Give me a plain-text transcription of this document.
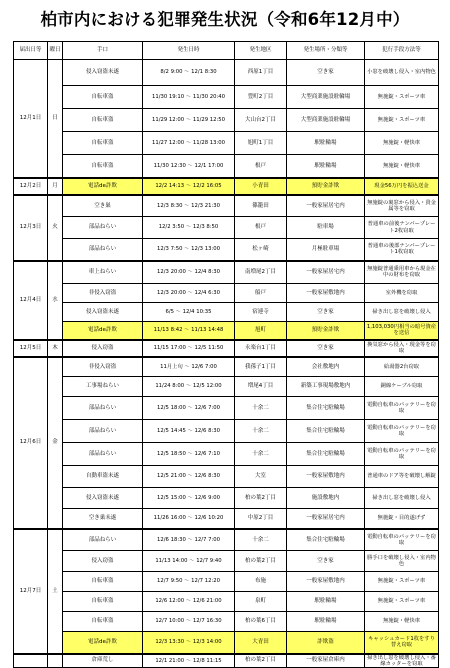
柏市内における犯罪発生状況（令和6年12月中）
届出日等	曜日	手口	発生日時	発生地区	発生場所・分類等	犯行手段方法等
12月1日	日	侵入窃盗未遂	8/2 9:00 ～ 12/1 8:30	西原1丁目	空き家	小窓を破壊し侵入・室内物色
		自転車盗	11/30 19:10 ～ 11/30 20:40	豊町2丁目	大型商業施設駐輪場	無施錠・スポーツ車
		自転車盗	11/29 12:00 ～ 11/29 12:50	大山台2丁目	大型商業施設駐輪場	無施錠・スポーツ車
		自転車盗	11/27 12:00 ～ 11/28 13:00	旭町1丁目	駅駐輪場	無施錠・軽快車
		自転車盗	11/30 12:30 ～ 12/1 17:00	根戸	駅駐輪場	無施錠・軽快車
12月2日	月	電話de詐欺	12/2 14:13 ～ 12/2 16:05	小青田	預貯金詐欺	現金56万円を振込送金
12月3日	火	空き巣	12/3 8:30 ～ 12/3 21:30	篠籠田	一般家屋居宅内	無施錠の裏窓から侵入・貴金属等を窃取
		部品ねらい	12/2 3:50 ～ 12/3 8:50	根戸	駐車場	普通車の前後ナンバープレート2枚窃取
		部品ねらい	12/3 7:50 ～ 12/3 13:00	松ヶ崎	月極駐車場	普通車の後部ナンバープレート1枚窃取
12月4日	水	車上ねらい	12/3 20:00 ～ 12/4 8:30	南増尾2丁目	一般家屋居宅内	無施錠普通乗用車から現金在中の財布を窃取
		非侵入窃盗	12/3 20:00 ～ 12/4 6:30	船戸	一般家屋敷地内	室外機を窃取
		侵入窃盗未遂	6/5 ～ 12/4 10:35	宿連寺	空き家	掃き出し窓を破壊し侵入
		電話de詐欺	11/13 8:42 ～ 11/13 14:48	旭町	預貯金詐欺	1,103,030円相当の暗号資産を送信
12月5日	木	侵入窃盗	11/15 17:00 ～ 12/5 11:50	永楽台1丁目	空き家	換気窓から侵入・現金等を窃取
12月6日	金	非侵入窃盗	11月上旬 ～ 12/6 7:00	我孫子1丁目	会社敷地内	給湯器2台窃取
		工事場ねらい	11/24 8:00 ～ 12/5 12:00	増尾4丁目	新築工事現場敷地内	銅線ケーブル窃取
		部品ねらい	12/5 18:00 ～ 12/6 7:00	十余二	集合住宅駐輪場	電動自転車のバッテリーを窃取
		部品ねらい	12/5 14:45 ～ 12/6 8:30	十余二	集合住宅駐輪場	電動自転車のバッテリーを窃取
		部品ねらい	12/5 18:50 ～ 12/6 7:10	十余二	集合住宅駐輪場	電動自転車のバッテリーを窃取
		自動車盗未遂	12/5 21:00 ～ 12/6 8:30	大室	一般家屋敷地内	普通車のドア等を破壊し解錠
		侵入窃盗未遂	12/5 15:00 ～ 12/6 9:00	柏の葉2丁目	施設敷地内	掃き出し窓を破壊し侵入
		空き巣未遂	11/26 16:00 ～ 12/6 10:20	中原2丁目	一般家屋居宅内	無施錠・目的遂げず
12月7日	土	部品ねらい	12/6 18:30 ～ 12/7 7:00	十余二	集合住宅駐輪場	電動自転車のバッテリーを窃取
		侵入窃盗	11/13 14:00 ～ 12/7 9:40	柏の葉2丁目	空き家	勝手口を破壊し侵入・室内物色
		自転車盗	12/7 9:50 ～ 12/7 12:20	布施	一般家屋敷地内	無施錠・スポーツ車
		自転車盗	12/6 12:00 ～ 12/6 21:00	泉町	駅駐輪場	無施錠・スポーツ車
		自転車盗	12/7 10:00 ～ 12/7 16:30	柏の葉6丁目	駅駐輪場	無施錠・軽快車
		電話de詐欺	12/3 13:30 ～ 12/3 14:00	大青田	詐欺盗	キャッシュカード1枚をすり替え窃取
		倉庫荒し	12/1 21:00 ～ 12/8 11:15	柏の葉2丁目	一般家屋倉庫内	掃き出し窓を破壊し侵入・番線カッターを窃取
